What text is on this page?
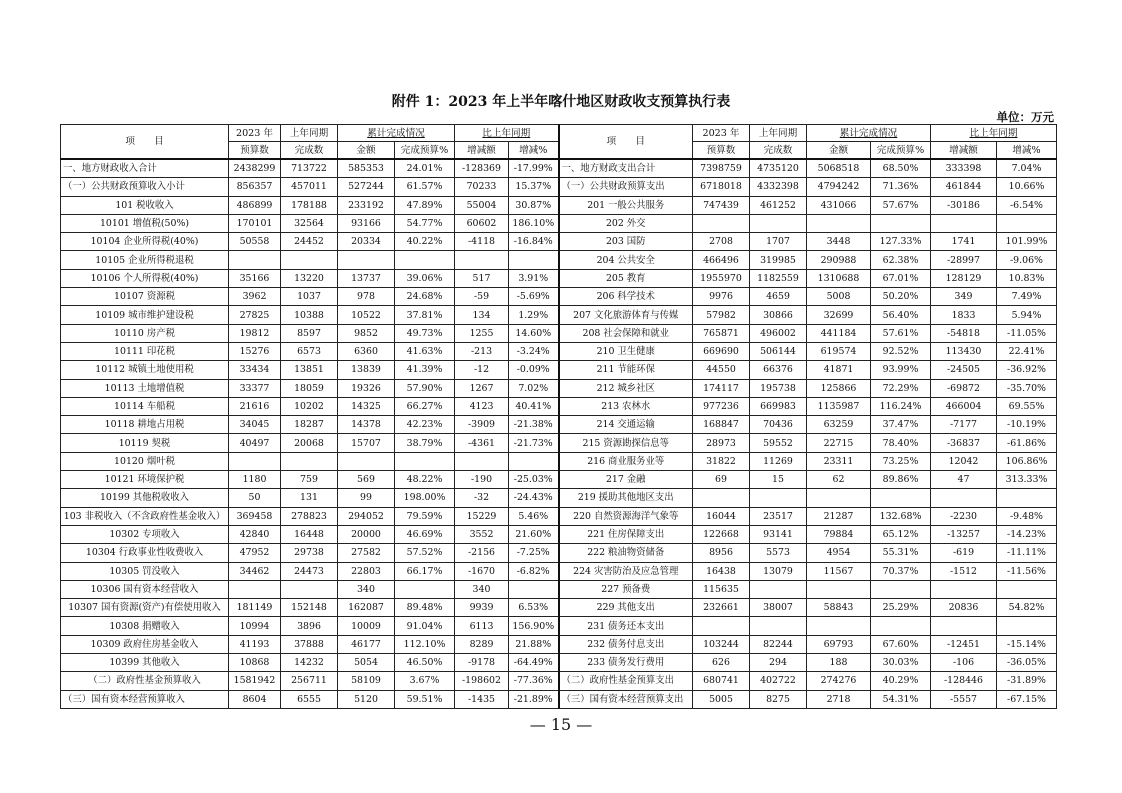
附件 1：2023 年上半年喀什地区财政收支预算执行表
单位：万元
项　　目	2023 年	上年同期	累计完成情况		比上年同期		项　　目	2023 年	上年同期	累计完成情况		比上年同期	
	预算数	完成数	金额	完成预算%	增减额	增减%		预算数	完成数	金额	完成预算%	增减额	增减%
一、地方财政收入合计	2438299	713722	585353	24.01%	-128369	-17.99%	一、地方财政支出合计	7398759	4735120	5068518	68.50%	333398	7.04%
（一）公共财政预算收入小计	856357	457011	527244	61.57%	70233	15.37%	（一）公共财政预算支出	6718018	4332398	4794242	71.36%	461844	10.66%
101 税收收入	486899	178188	233192	47.89%	55004	30.87%	201 一般公共服务	747439	461252	431066	57.67%	-30186	-6.54%
10101 增值税(50%)	170101	32564	93166	54.77%	60602	186.10%	202 外交						
10104 企业所得税(40%)	50558	24452	20334	40.22%	-4118	-16.84%	203 国防	2708	1707	3448	127.33%	1741	101.99%
10105 企业所得税退税							204 公共安全	466496	319985	290988	62.38%	-28997	-9.06%
10106 个人所得税(40%)	35166	13220	13737	39.06%	517	3.91%	205 教育	1955970	1182559	1310688	67.01%	128129	10.83%
10107 资源税	3962	1037	978	24.68%	-59	-5.69%	206 科学技术	9976	4659	5008	50.20%	349	7.49%
10109 城市维护建设税	27825	10388	10522	37.81%	134	1.29%	207 文化旅游体育与传媒	57982	30866	32699	56.40%	1833	5.94%
10110 房产税	19812	8597	9852	49.73%	1255	14.60%	208 社会保障和就业	765871	496002	441184	57.61%	-54818	-11.05%
10111 印花税	15276	6573	6360	41.63%	-213	-3.24%	210 卫生健康	669690	506144	619574	92.52%	113430	22.41%
10112 城镇土地使用税	33434	13851	13839	41.39%	-12	-0.09%	211 节能环保	44550	66376	41871	93.99%	-24505	-36.92%
10113 土地增值税	33377	18059	19326	57.90%	1267	7.02%	212 城乡社区	174117	195738	125866	72.29%	-69872	-35.70%
10114 车船税	21616	10202	14325	66.27%	4123	40.41%	213 农林水	977236	669983	1135987	116.24%	466004	69.55%
10118 耕地占用税	34045	18287	14378	42.23%	-3909	-21.38%	214 交通运输	168847	70436	63259	37.47%	-7177	-10.19%
10119 契税	40497	20068	15707	38.79%	-4361	-21.73%	215 资源勘探信息等	28973	59552	22715	78.40%	-36837	-61.86%
10120 烟叶税							216 商业服务业等	31822	11269	23311	73.25%	12042	106.86%
10121 环境保护税	1180	759	569	48.22%	-190	-25.03%	217 金融	69	15	62	89.86%	47	313.33%
10199 其他税收收入	50	131	99	198.00%	-32	-24.43%	219 援助其他地区支出						
103 非税收入（不含政府性基金收入）	369458	278823	294052	79.59%	15229	5.46%	220 自然资源海洋气象等	16044	23517	21287	132.68%	-2230	-9.48%
10302 专项收入	42840	16448	20000	46.69%	3552	21.60%	221 住房保障支出	122668	93141	79884	65.12%	-13257	-14.23%
10304 行政事业性收费收入	47952	29738	27582	57.52%	-2156	-7.25%	222 粮油物资储备	8956	5573	4954	55.31%	-619	-11.11%
10305 罚没收入	34462	24473	22803	66.17%	-1670	-6.82%	224 灾害防治及应急管理	16438	13079	11567	70.37%	-1512	-11.56%
10306 国有资本经营收入			340		340		227 预备费	115635					
10307 国有资源(资产)有偿使用收入	181149	152148	162087	89.48%	9939	6.53%	229 其他支出	232661	38007	58843	25.29%	20836	54.82%
10308 捐赠收入	10994	3896	10009	91.04%	6113	156.90%	231 债务还本支出						
10309 政府住房基金收入	41193	37888	46177	112.10%	8289	21.88%	232 债务付息支出	103244	82244	69793	67.60%	-12451	-15.14%
10399 其他收入	10868	14232	5054	46.50%	-9178	-64.49%	233 债务发行费用	626	294	188	30.03%	-106	-36.05%
（二）政府性基金预算收入	1581942	256711	58109	3.67%	-198602	-77.36%	（二）政府性基金预算支出	680741	402722	274276	40.29%	-128446	-31.89%
（三）国有资本经营预算收入	8604	6555	5120	59.51%	-1435	-21.89%	（三）国有资本经营预算支出	5005	8275	2718	54.31%	-5557	-67.15%
— 15 —
